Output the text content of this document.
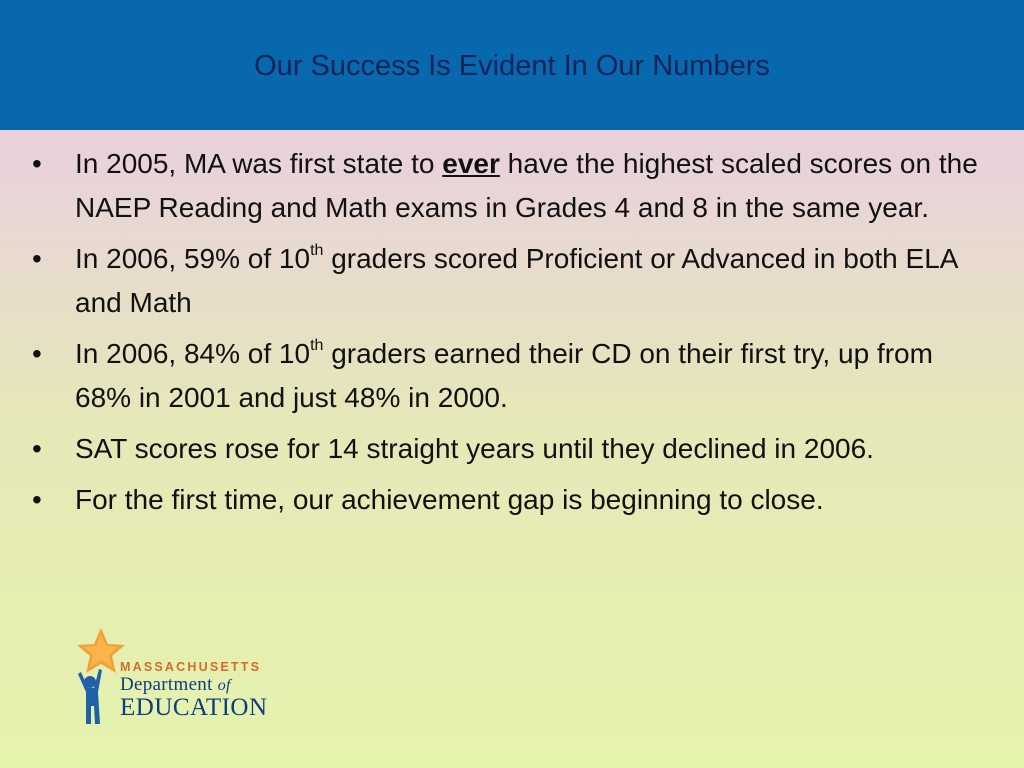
Our Success Is Evident In Our Numbers
• In 2005, MA was first state to ever have the highest scaled scores on the NAEP Reading and Math exams in Grades 4 and 8 in the same year.
• In 2006, 59% of 10th graders scored Proficient or Advanced in both ELA and Math
• In 2006, 84% of 10th graders earned their CD on their first try, up from 68% in 2001 and just 48% in 2000.
• SAT scores rose for 14 straight years until they declined in 2006.
• For the first time, our achievement gap is beginning to close.
MASSACHUSETTS
Department of
EDUCATION
